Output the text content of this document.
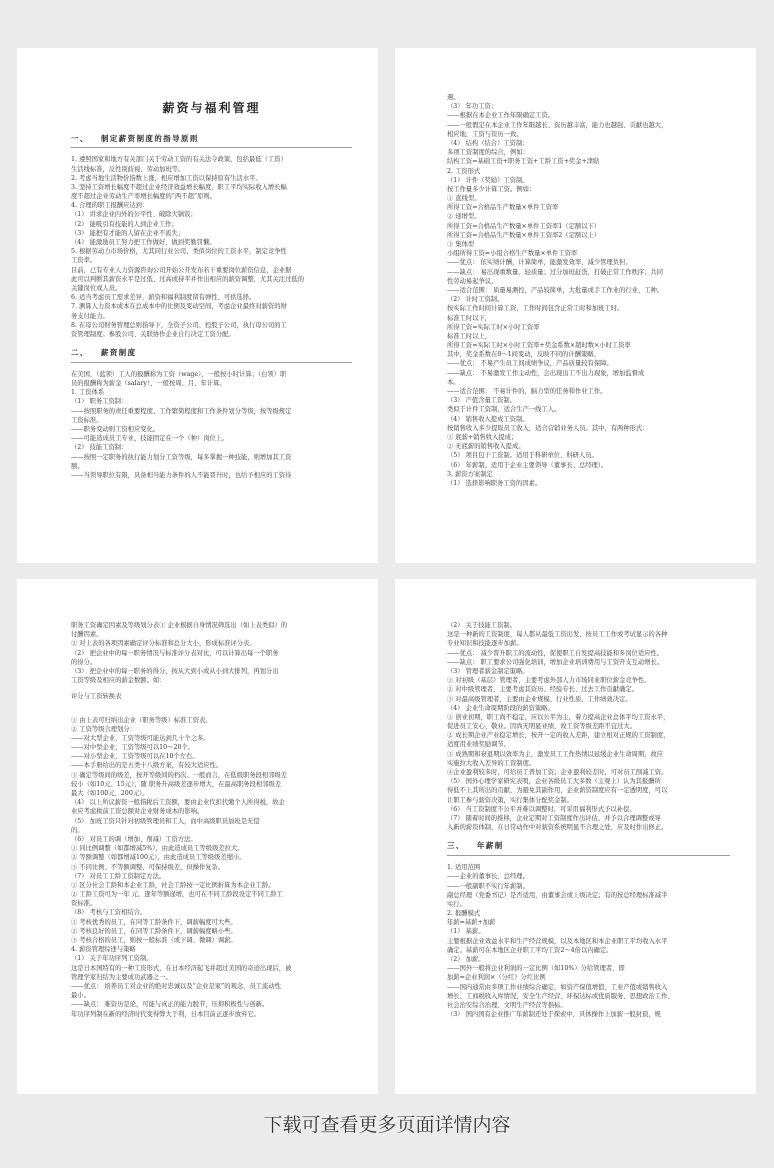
薪资与福利管理
一、   制定薪资制度的指导原则
1. 遵照国家和地方有关部门关于劳动工资的有关法令政策，包括最低（工资）
生活线标准，反性别歧视、劳动加班等。
2. 考虑当地生活物价指数上涨，相应增加工资以保持原有生活水平。
3. 坚持工资增长幅度不超过企业经济效益增长幅度，职工平均实际收入增长幅
度不超过企业劳动生产率增长幅度的“两不超”原则。
4. 合理的职工报酬应达到：
（1） 讲求企业内外的公平性、破除大锅饭；
（2） 能吸引有技能的人到企业工作；
（3） 能把有才能的人留在企业不流失；
（4） 能激励员工努力把工作做好，做到奖勤罚懒。
5. 根据劳动力市场价格，尤其同行业公司、类似岗位的工资水平，制定竞争性
工资率。
目前，已有专业人力资源咨询公司开始公开发布若干重要岗位薪资信息，企业据
此可以判断其薪资水平是过低、过高或持平并作出相应的薪资调整，尤其关注过低的
关键岗位或人员。
6. 适当考虑员工需求差异，薪资和福利制度留有弹性、可供选择。
7. 测算人力资本成本在总成本中的比例及变动空间，考虑企业最终对薪资的财
务支付能力。
8. 在母公司财务管理总则指导下，全资子公司、控股子公司，执行母公司的工
资管理制度；参股公司、关联协作企业自行决定工资分配。
二、   薪资制度
在美国，（蓝领）工人的报酬称为工资（wage），一般按小时计算；（白领）职
员的报酬称为薪金（salary），一般按周、月、年计算。
1. 工资体系
（1） 职务工资制：
——按照职务的责任重要程度、工作繁简程度和工作条件划分等级，按等级规定
工资标准。
——职务变动则工资相应变化。
——可能造成员工专业、技能固定在一个（种）岗位上。
（2） 技能工资制：
——按照一定职务的执行能力划分工资等级，每多掌握一种技能，则增加其工资
额。
——当领导职位有限，具备相当能力条件的人不能晋升时，也给予相应的工资待
遇。
（3） 年功工资：
——根据在本企业工作年限确定工资。
——一般假定在本企业工作年限越长、资历越丰富，能力也越强、贡献也越大，
相应地，工资与资历一致。
（4） 结构（结合）工资制：
多项工资制度的综合，例如：
结构工资=基础工资+职务工资+工龄工资+奖金+津贴
2. 工资形式
（1） 计件（奖励）工资制。
按工作量多少计算工资。例如：
① 直线型。
所得工资=合格品生产数量×单件工资率
② 递增型。
所得工资=合格品生产数量×单件工资率1（定额以下）
所得工资=合格品生产数量×单件工资率2（定额以上）
③ 集体型
小组所得工资=小组合格生产数量×单件工资率
——优点： 依实绩计酬，计算简单，能激发效率，减少管理负担。
——缺点： 易出现重数量、轻质量；过分加班赶货，打破正常工作秩序；共同
性劳动易起争议。
——适合范围： 质量易测控，产品较简单，大批量或手工作业的行业、工种。
（2） 计时工资制。
按实际工作时间计算工资，工作时间包含正常工时和加班工时。
标准工时以下，
所得工资=实际工时×小时工资率
标准工时以上，
所得工资=实际工时×小时工资率+奖金系数×超时数×小时工资率
其中，奖金系数在0～1间变动，反映不同的计酬策略。
——优点： 不易产生员工间成绩争议，产品质量较有保障。
——缺点： 不易激发工作主动性，会出现出工不出力现象，增加监督成
本。
——适合范围： 不易计件的，脑力型的任务和作业工作。
（3） 产值含量工资制。
类似于计件工资制，适合生产一线工人。
（4） 销售收入提成工资制。
按销售收入多少提取员工收入，适合营销业务人员。其中，有两种形式：
① 底薪+销售收入提成；
② 无底薪的销售收入提成。
（5） 项目包干工资制。适用于科研单位、科研人员。
（6） 年薪制。适用于企业主要领导（董事长、总经理）。
3. 薪资方案制定
（1） 选择影响职务工资的因素。
职务工资确定因素及等级划分表① 企业根据自身情况筛选出（如上表类似）的
付酬因素。
② 对上表的各项因素确定评分标准和总分大小，形成标准评分表。
（2） 把企业中的每一职务情况与标准评分表对比，可以计算出每一个职务
的得分。
（3） 把企业中的每一职务的得分，按从大到小或从小到大排列，再划分出
工资等级及相应的薪金数额。如：
评分与工资转换表
① 由上表可归纳出企业（职务等级）标准工资表。
② 工资等级合理划分：
——对大型企业，工资等级可能达到几十个之多。
——对中型企业，工资等级可以10～20个。
——对小型企业，工资等级可以在10个左右。
——本手册给出的是五类十八级方案，有较大适应性。
③ 确定等级间的级差，按开等级间的档次。一般而言，在低级职务段相邻级差
较小（如10元、15元），随 职务升高级差逐步增大，在最高职务段相邻级差
最大（如100元、200元）。
（4） 以上所议薪资一般指税后工资额，要由企业代扣代缴个人所得税，故企
业应考虑税前工资总额对企业财务成本的影响。
（5） 加班工资只针对初级管理员和工人，而中高级职员加班是无偿
的。
（6） 对员工的调（增加、削减）工资方法。
① 同比例调整（如都增减5%），由此造成员工等级级差拉大。
② 等额调整（如都增减100元），由此造成员工等级级差缩小。
③ 不同比例、不等额调整，可保持级差，但操作复杂。
（7） 对员工工龄工资制定方法。
① 区分社会工龄和本企业工龄，社会工龄按一定比例折算为本企业工龄。
② 工龄工资可为一年 元，逐年等额递增，也可在不同工龄段设定不同工龄工
资标准。
（8） 考核与工资相结合。
① 考核优秀的员工，在同等工龄条件下，调薪幅度可大些。
② 考核良好的员工，在同等工龄条件下，调薪幅度略小些。
③ 考核合格的员工，则按一般标准（或下调、微调）调薪。
4. 薪资管理综述与策略
（1） 关于年功序列工资制。
这是日本国特有的一种工资形式，在日本经济起飞并超过美国的奇迹出现后，被
管理学家归结为主要成功武器之一。
——优点： 培养员工对企业的绝对忠诚以及“企业是家”的观念，员工流动性
最小。
——缺点： 难资历是论，可能与真正的能力脱节，压抑积极性与创新。
年功序列制在新的经济时代变得弊大于利，日本目前正逐步放弃它。
（2） 关于技能工资制。
这是一种新的工资制度，每人都从最低工资出发，按员工工作或考试显示的各种
专业知识和技能逐步加薪。
——优点： 减少晋升职工的流动性，促使职工自发提高技能和多岗位适应性。
——缺点： 职工要求公司强化培训，增加企业培训费用与工资开支互动增长。
（3） 管理者薪金制定策略。
① 对初级（基层）管理者，主要考虑外部人力市场同业职位薪金竞争性。
② 对中级管理者，主要考虑其资历、经验专长、过去工作贡献确定。
③ 对最高级管理者，主要由企业规模、行业性质、工作绩效决定。
（4） 企业生命周期阶段的薪资策略。
① 创业初期，职工尚不稳定，应以公平为主，着力提高企业总体平均工资水平，
促进员工安心、敬业。因尚无明显业绩，故工资等级差距不宜过大。
② 成长期企业产业稳定增长，按开一定的收入差距，建立相对正规的工资制度，
适度用业绩奖励调节。
③ 成熟期和衰退期以效率为主，激发员工工作热情以延缓企业生命周期，故应
实施拉大收入差异的工资制度。
④企业盈利较多时，可给员工普加工资；企业盈利较差时，可对员工削减工资。
（5） 国外心理学家研究表明，企业各级员工大多数（主观上）认为其报酬所
得低不上其所出的贡献，为避免其副作用，企业薪资制度应有一定透明度，可以
让职工参与薪资决策，实行集体分配奖金制。
（6） 当工资制度不公平并难以调整时，可采用福利形式予以补偿。
（7） 随着时间的推移，企业定期对工资制度作出评估，并予以合理调整或导
入新的薪资体制，在日常动作中对薪资系统明显不合理之处，应及时作出修正。
三、   年薪制
1. 适用范围
——企业的董事长、总经理。
——一般副职不实行年薪制。
副总经理（党委书记）是否适用，由董事会或上级决定；有的按总经理标准减半
实行。
2. 报酬模式
年薪=基薪+加薪
（1） 基薪。
主要根据企业效益水平和生产经营规模，以及本地区和本企业职工平均收入水平
确定。基薪可在本地区企业职工平均工资2～4倍以内确定。
（2） 加薪。
——国外一般将企业利润的一定比例（如10%）分给管理者，即
加薪=企业利润×（分红）分红比例
——国内通常由多项工作业绩综合确定，如资产保值增值、工业产值或销售收入
增长、工商税收入库情况、安全生产经营、环保达标或优质服务、思想政治工作、
社会治安综合治理、文明生产经营等指标。
（3） 国内国有企业推广年薪制还处于探索中，具体操作上加薪一般封顶，规
下载可查看更多页面详情内容
